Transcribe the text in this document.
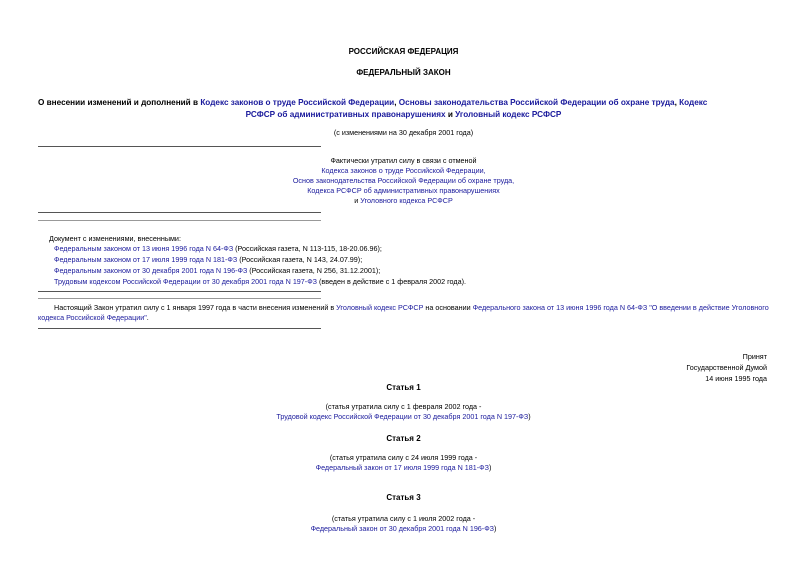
РОССИЙСКАЯ ФЕДЕРАЦИЯ
ФЕДЕРАЛЬНЫЙ ЗАКОН
О внесении изменений и дополнений в Кодекс законов о труде Российской Федерации, Основы законодательства Российской Федерации об охране труда, Кодекс
РСФСР об административных правонарушениях и Уголовный кодекс РСФСР
(с изменениями на 30 декабря 2001 года)
Фактически утратил силу в связи с отменой
Кодекса законов о труде Российской Федерации,
Основ законодательства Российской Федерации об охране труда,
Кодекса РСФСР об административных правонарушениях
и Уголовного кодекса РСФСР
Документ с изменениями, внесенными:
Федеральным законом от 13 июня 1996 года N 64-ФЗ (Российская газета, N 113-115, 18-20.06.96);
Федеральным законом от 17 июля 1999 года N 181-ФЗ (Российская газета, N 143, 24.07.99);
Федеральным законом от 30 декабря 2001 года N 196-ФЗ (Российская газета, N 256, 31.12.2001);
Трудовым кодексом Российской Федерации от 30 декабря 2001 года N 197-ФЗ (введен в действие с 1 февраля 2002 года).
Настоящий Закон утратил силу с 1 января 1997 года в части внесения изменений в Уголовный кодекс РСФСР на основании Федерального закона от 13 июня 1996 года N 64-ФЗ "О введении в действие Уголовного
кодекса Российской Федерации".
Принят
Государственной Думой
14 июня 1995 года
Статья 1
(статья утратила силу с 1 февраля 2002 года -
Трудовой кодекс Российской Федерации от 30 декабря 2001 года N 197-ФЗ)
Статья 2
(статья утратила силу с 24 июля 1999 года -
Федеральный закон от 17 июля 1999 года N 181-ФЗ)
Статья 3
(статья утратила силу с 1 июля 2002 года -
Федеральный закон от 30 декабря 2001 года N 196-ФЗ)
